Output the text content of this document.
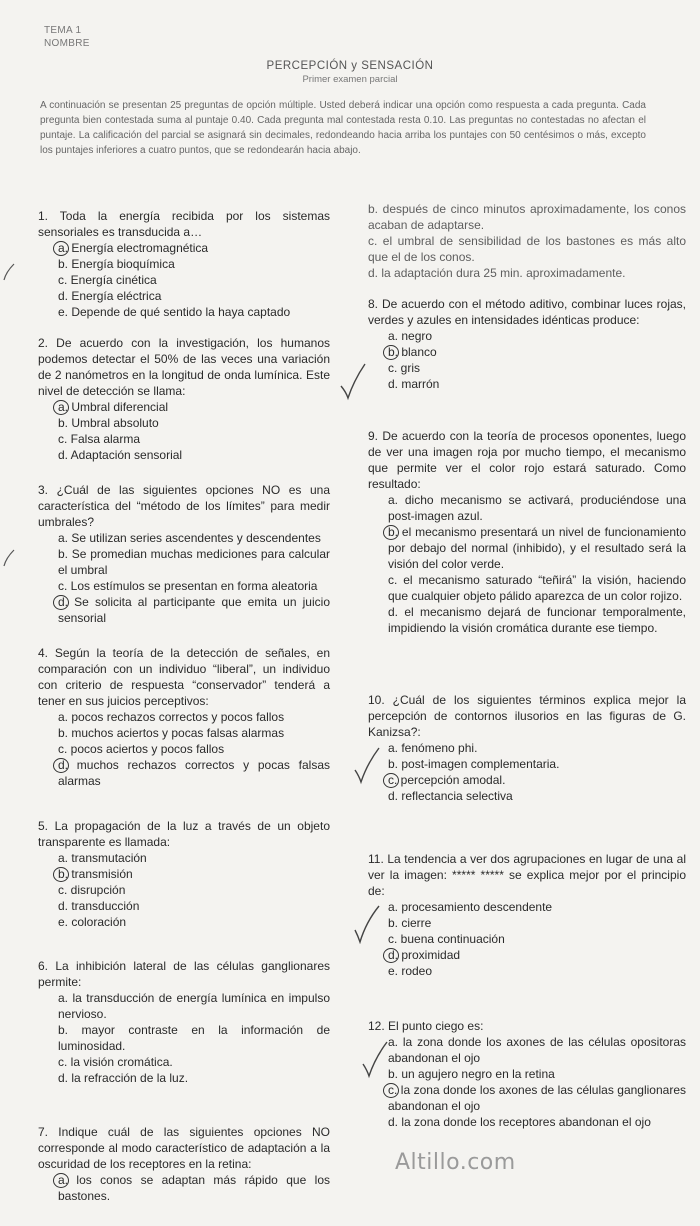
TEMA 1
NOMBRE
PERCEPCIÓN y SENSACIÓN
Primer examen parcial
A continuación se presentan 25 preguntas de opción múltiple. Usted deberá indicar una opción como respuesta a cada pregunta. Cada pregunta bien contestada suma al puntaje 0.40. Cada pregunta mal contestada resta 0.10. Las preguntas no contestadas no afectan el puntaje. La calificación del parcial se asignará sin decimales, redondeando hacia arriba los puntajes con 50 centésimos o más, excepto los puntajes inferiores a cuatro puntos, que se redondearán hacia abajo.

1. Toda la energía recibida por los sistemas sensoriales es transducida a…

a. Energía electromagnética

b. Energía bioquímica

c. Energía cinética

d. Energía eléctrica

e. Depende de qué sentido la haya captado

2. De acuerdo con la investigación, los humanos podemos detectar el 50% de las veces una variación de 2 nanómetros en la longitud de onda lumínica. Este nivel de detección se llama:

a. Umbral diferencial

b. Umbral absoluto

c. Falsa alarma

d. Adaptación sensorial

3. ¿Cuál de las siguientes opciones NO es una característica del “método de los límites” para medir umbrales?

a. Se utilizan series ascendentes y descendentes

b. Se promedian muchas mediciones para calcular el umbral

c. Los estímulos se presentan en forma aleatoria

d. Se solicita al participante que emita un juicio sensorial

4. Según la teoría de la detección de señales, en comparación con un individuo “liberal”, un individuo con criterio de respuesta “conservador” tenderá a tener en sus juicios perceptivos:

a. pocos rechazos correctos y pocos fallos

b. muchos aciertos y pocas falsas alarmas

c. pocos aciertos y pocos fallos

d. muchos rechazos correctos y pocas falsas alarmas

5. La propagación de la luz a través de un objeto transparente es llamada:

a. transmutación

b. transmisión

c. disrupción

d. transducción

e. coloración

6. La inhibición lateral de las células ganglionares permite:

a. la transducción de energía lumínica en impulso nervioso.

b. mayor contraste en la información de luminosidad.

c. la visión cromática.

d. la refracción de la luz.

7. Indique cuál de las siguientes opciones NO corresponde al modo característico de adaptación a la oscuridad de los receptores en la retina:

a. los conos se adaptan más rápido que los bastones.

b. después de cinco minutos aproximadamente, los conos acaban de adaptarse.

c. el umbral de sensibilidad de los bastones es más alto que el de los conos.

d. la adaptación dura 25 min. aproximadamente.

8. De acuerdo con el método aditivo, combinar luces rojas, verdes y azules en intensidades idénticas produce:

a. negro

b. blanco

c. gris

d. marrón

9. De acuerdo con la teoría de procesos oponentes, luego de ver una imagen roja por mucho tiempo, el mecanismo que permite ver el color rojo estará saturado. Como resultado:

a. dicho mecanismo se activará, produciéndose una post-imagen azul.

b. el mecanismo presentará un nivel de funcionamiento por debajo del normal (inhibido), y el resultado será la visión del color verde.

c. el mecanismo saturado “teñirá” la visión, haciendo que cualquier objeto pálido aparezca de un color rojizo.

d. el mecanismo dejará de funcionar temporalmente, impidiendo la visión cromática durante ese tiempo.

10. ¿Cuál de los siguientes términos explica mejor la percepción de contornos ilusorios en las figuras de G. Kanizsa?:

a. fenómeno phi.

b. post-imagen complementaria.

c. percepción amodal.

d. reflectancia selectiva

11. La tendencia a ver dos agrupaciones en lugar de una al ver la imagen: ***** ***** se explica mejor por el principio de:

a. procesamiento descendente

b. cierre

c. buena continuación

d. proximidad

e. rodeo

12. El punto ciego es:

a. la zona donde los axones de las células opositoras abandonan el ojo

b. un agujero negro en la retina

c. la zona donde los axones de las células ganglionares abandonan el ojo

d. la zona donde los receptores abandonan el ojo

Altillo.com
